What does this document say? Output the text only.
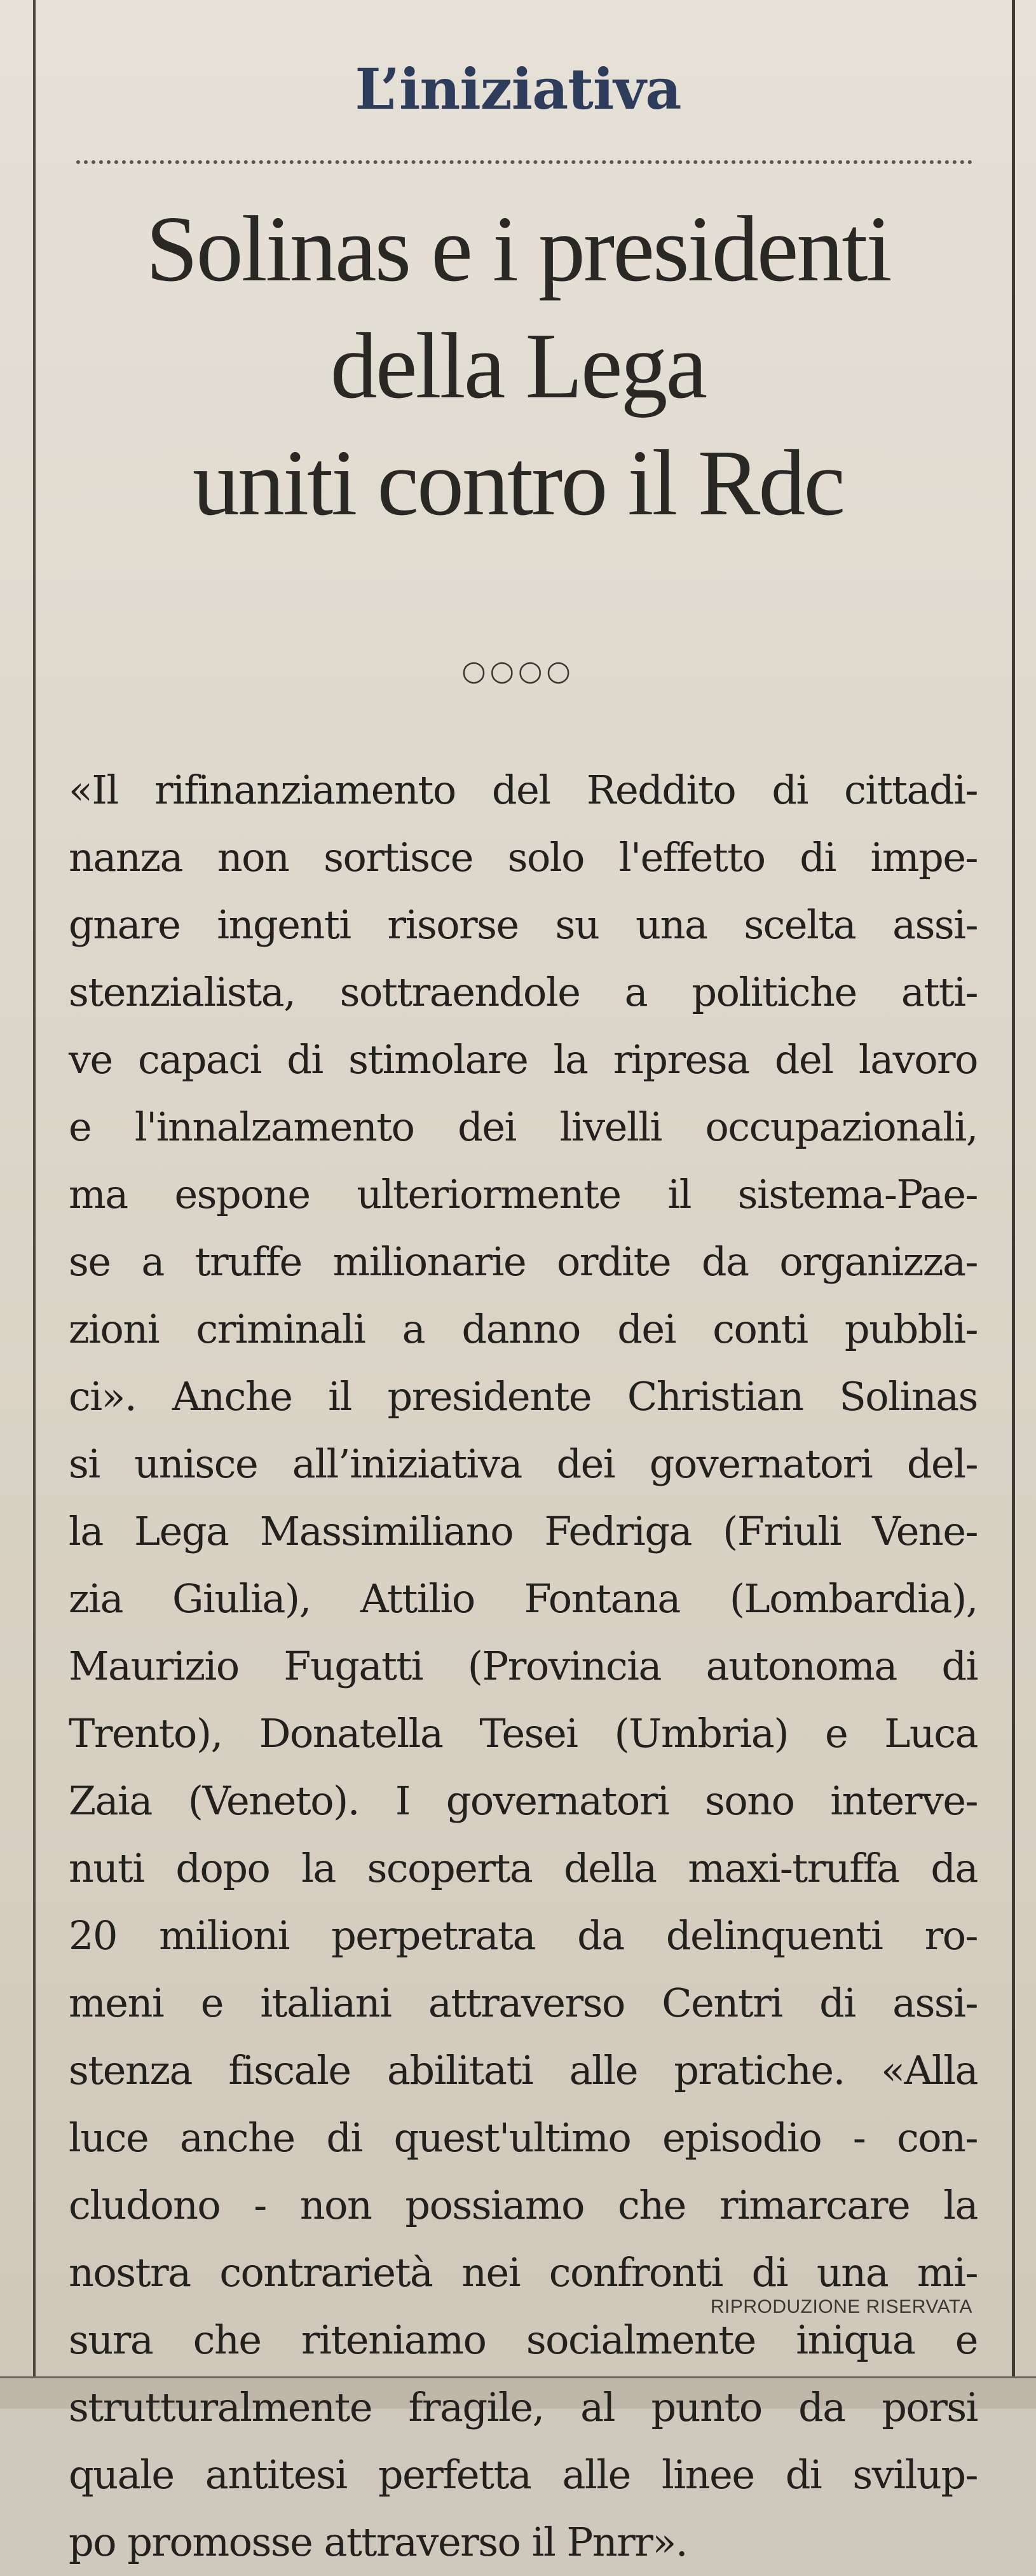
L’iniziativa
Solinas e i presidenti
della Lega
uniti contro il Rdc
○○○○
«Il rifinanziamento del Reddito di cittadi-
nanza non sortisce solo l'effetto di impe-
gnare ingenti risorse su una scelta assi-
stenzialista, sottraendole a politiche atti-
ve capaci di stimolare la ripresa del lavoro
e l'innalzamento dei livelli occupazionali,
ma espone ulteriormente il sistema-Pae-
se a truffe milionarie ordite da organizza-
zioni criminali a danno dei conti pubbli-
ci». Anche il presidente Christian Solinas
si unisce all’iniziativa dei governatori del-
la Lega Massimiliano Fedriga (Friuli Vene-
zia Giulia), Attilio Fontana (Lombardia),
Maurizio Fugatti (Provincia autonoma di
Trento), Donatella Tesei (Umbria) e Luca
Zaia (Veneto). I governatori sono interve-
nuti dopo la scoperta della maxi-truffa da
20 milioni perpetrata da delinquenti ro-
meni e italiani attraverso Centri di assi-
stenza fiscale abilitati alle pratiche. «Alla
luce anche di quest'ultimo episodio - con-
cludono - non possiamo che rimarcare la
nostra contrarietà nei confronti di una mi-
sura che riteniamo socialmente iniqua e
strutturalmente fragile, al punto da porsi
quale antitesi perfetta alle linee di svilup-
po promosse attraverso il Pnrr».
RIPRODUZIONE RISERVATA
